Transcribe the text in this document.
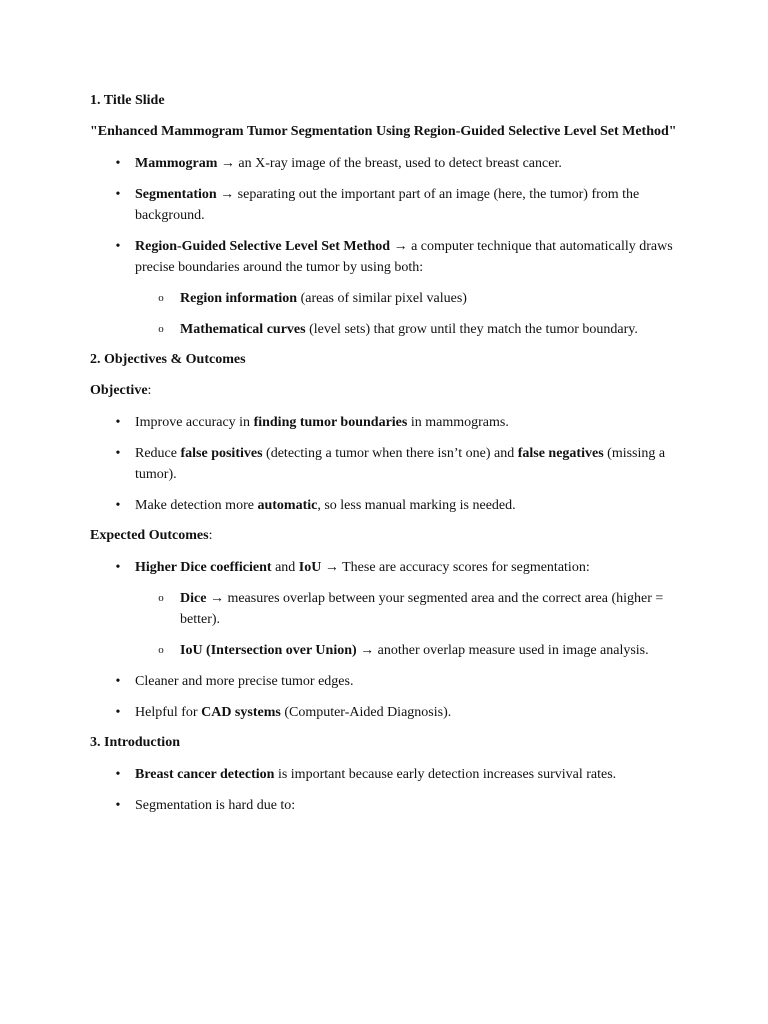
1. Title Slide

"Enhanced Mammogram Tumor Segmentation Using Region-Guided Selective Level Set Method"

• Mammogram → an X-ray image of the breast, used to detect breast cancer.
• Segmentation → separating out the important part of an image (here, the tumor) from the background.
• Region-Guided Selective Level Set Method → a computer technique that automatically draws precise boundaries around the tumor by using both:
o Region information (areas of similar pixel values)
o Mathematical curves (level sets) that grow until they match the tumor boundary.

2. Objectives & Outcomes

Objective:

• Improve accuracy in finding tumor boundaries in mammograms.
• Reduce false positives (detecting a tumor when there isn’t one) and false negatives (missing a tumor).
• Make detection more automatic, so less manual marking is needed.

Expected Outcomes:

• Higher Dice coefficient and IoU → These are accuracy scores for segmentation:
o Dice → measures overlap between your segmented area and the correct area (higher = better).
o IoU (Intersection over Union) → another overlap measure used in image analysis.
• Cleaner and more precise tumor edges.
• Helpful for CAD systems (Computer-Aided Diagnosis).

3. Introduction

• Breast cancer detection is important because early detection increases survival rates.
• Segmentation is hard due to:
